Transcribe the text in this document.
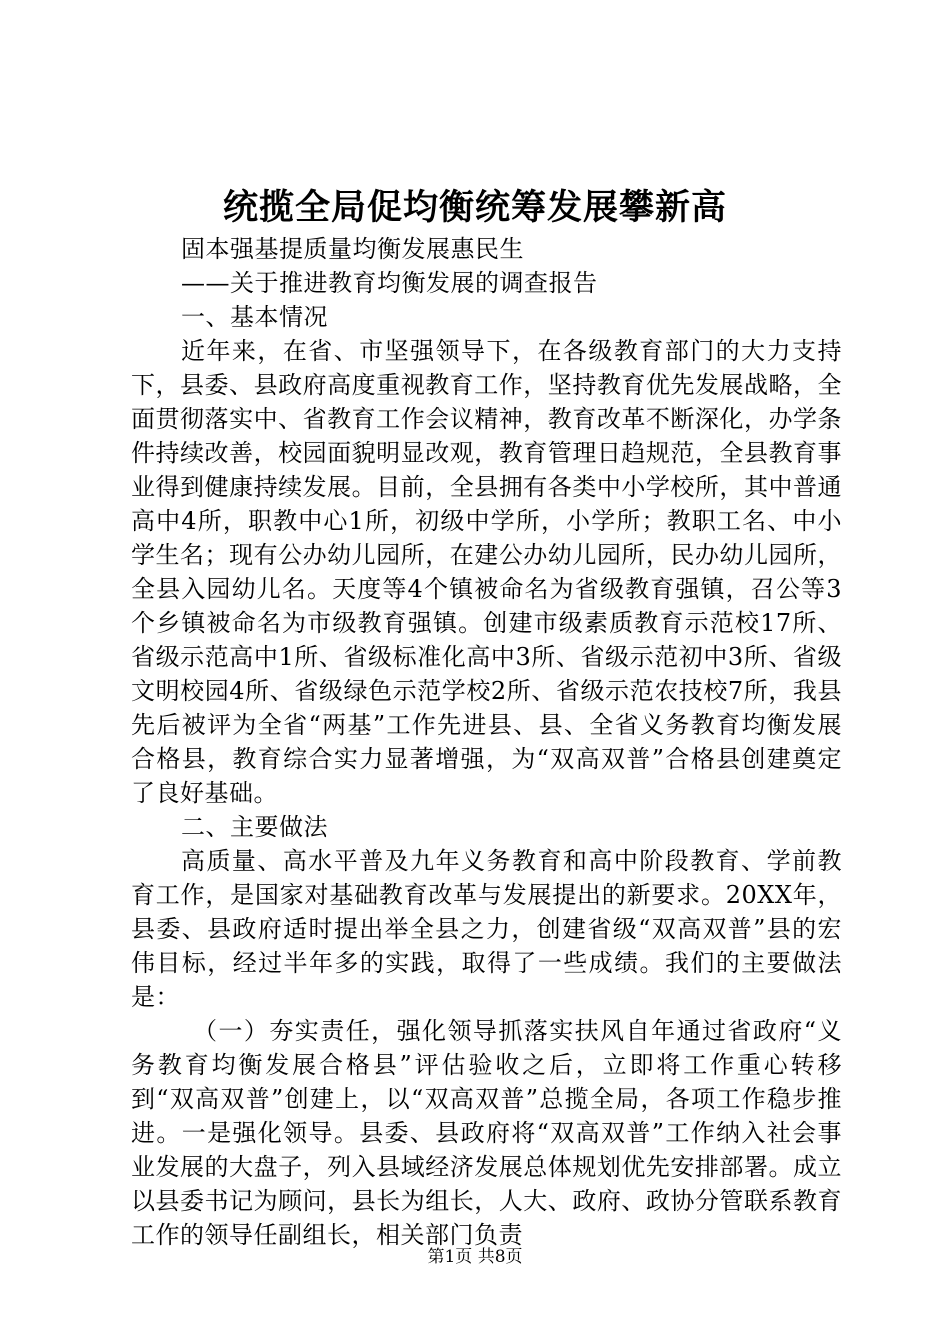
统揽全局促均衡统筹发展攀新高

固本强基提质量均衡发展惠民生

——关于推进教育均衡发展的调查报告

一、基本情况

近年来，在省、市坚强领导下，在各级教育部门的大力支持下，县委、县政府高度重视教育工作，坚持教育优先发展战略，全面贯彻落实中、省教育工作会议精神，教育改革不断深化，办学条件持续改善，校园面貌明显改观，教育管理日趋规范，全县教育事业得到健康持续发展。目前，全县拥有各类中小学校所，其中普通高中4所，职教中心1所，初级中学所，小学所；教职工名、中小学生名；现有公办幼儿园所，在建公办幼儿园所，民办幼儿园所，全县入园幼儿名。天度等4个镇被命名为省级教育强镇，召公等3个乡镇被命名为市级教育强镇。创建市级素质教育示范校17所、省级示范高中1所、省级标准化高中3所、省级示范初中3所、省级文明校园4所、省级绿色示范学校2所、省级示范农技校7所，我县先后被评为全省“两基”工作先进县、县、全省义务教育均衡发展合格县，教育综合实力显著增强，为“双高双普”合格县创建奠定了良好基础。

二、主要做法

高质量、高水平普及九年义务教育和高中阶段教育、学前教育工作，是国家对基础教育改革与发展提出的新要求。20XX年，县委、县政府适时提出举全县之力，创建省级“双高双普”县的宏伟目标，经过半年多的实践，取得了一些成绩。我们的主要做法是：

（一）夯实责任，强化领导抓落实扶风自年通过省政府“义务教育均衡发展合格县”评估验收之后，立即将工作重心转移到“双高双普”创建上，以“双高双普”总揽全局，各项工作稳步推进。一是强化领导。县委、县政府将“双高双普”工作纳入社会事业发展的大盘子，列入县域经济发展总体规划优先安排部署。成立以县委书记为顾问，县长为组长，人大、政府、政协分管联系教育工作的领导任副组长，相关部门负责

第1页 共8页
